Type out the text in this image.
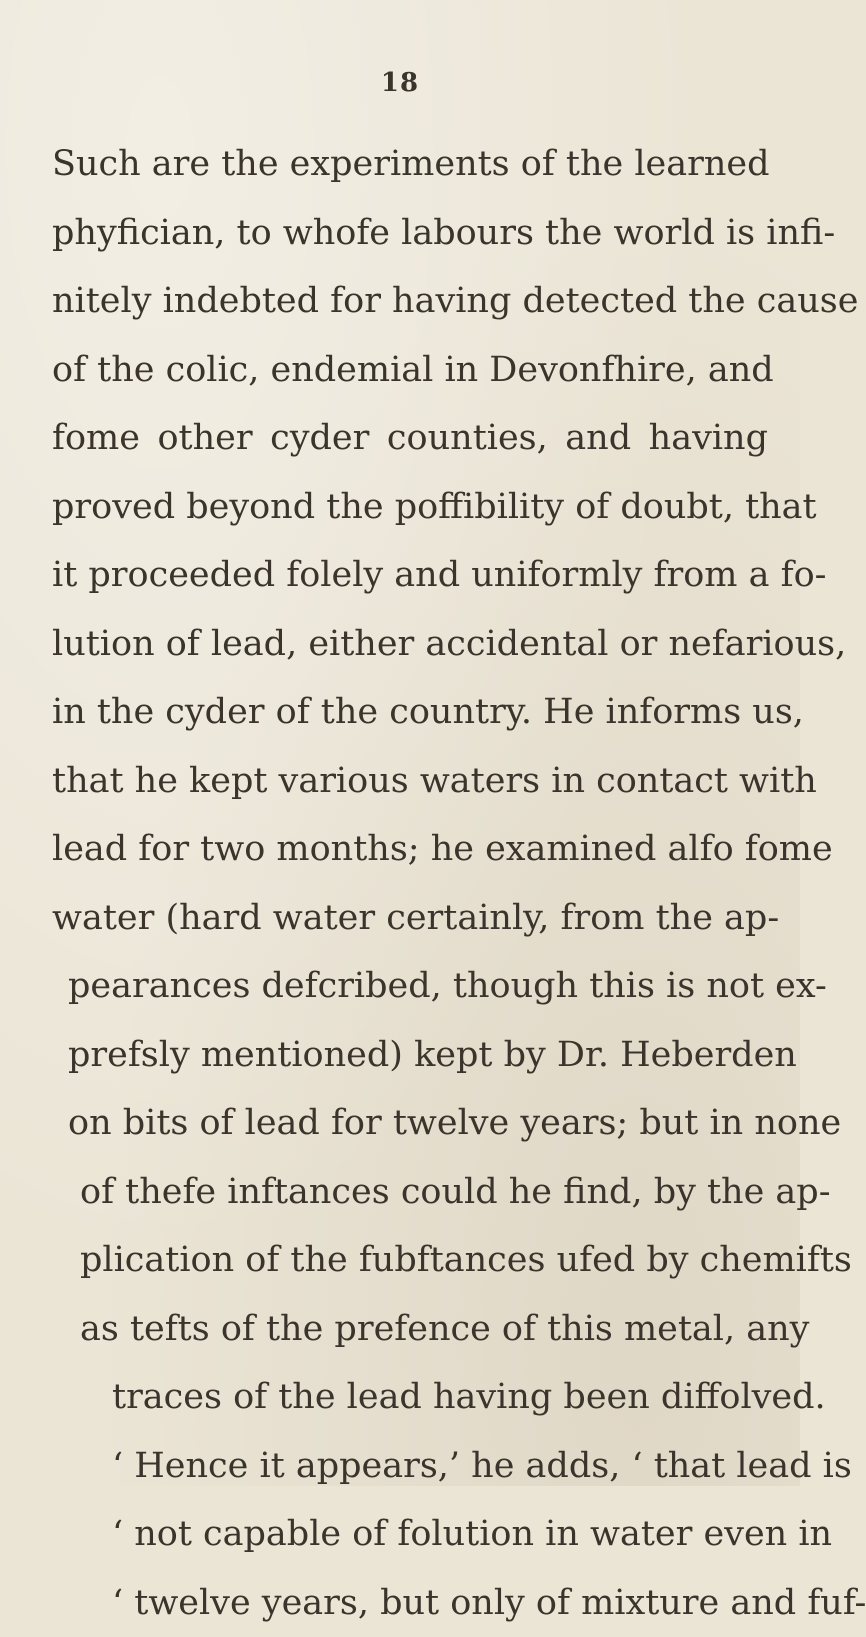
18
Such are the experiments of the learned
phyfician, to whofe labours the world is infi-
nitely indebted for having detected the cause
of the colic, endemial in Devonfhire, and
fome other cyder counties, and having
proved beyond the poffibility of doubt, that
it proceeded folely and uniformly from a fo-
lution of lead, either accidental or nefarious,
in the cyder of the country. He informs us,
that he kept various waters in contact with
lead for two months; he examined alfo fome
water (hard water certainly, from the ap-
pearances defcribed, though this is not ex-
prefsly mentioned) kept by Dr. Heberden
on bits of lead for twelve years; but in none
of thefe inftances could he find, by the ap-
plication of the fubftances ufed by chemifts
as tefts of the prefence of this metal, any
traces of the lead having been diffolved.
‘ Hence it appears,’ he adds, ‘ that lead is
‘ not capable of folution in water even in
‘ twelve years, but only of mixture and fuf-
